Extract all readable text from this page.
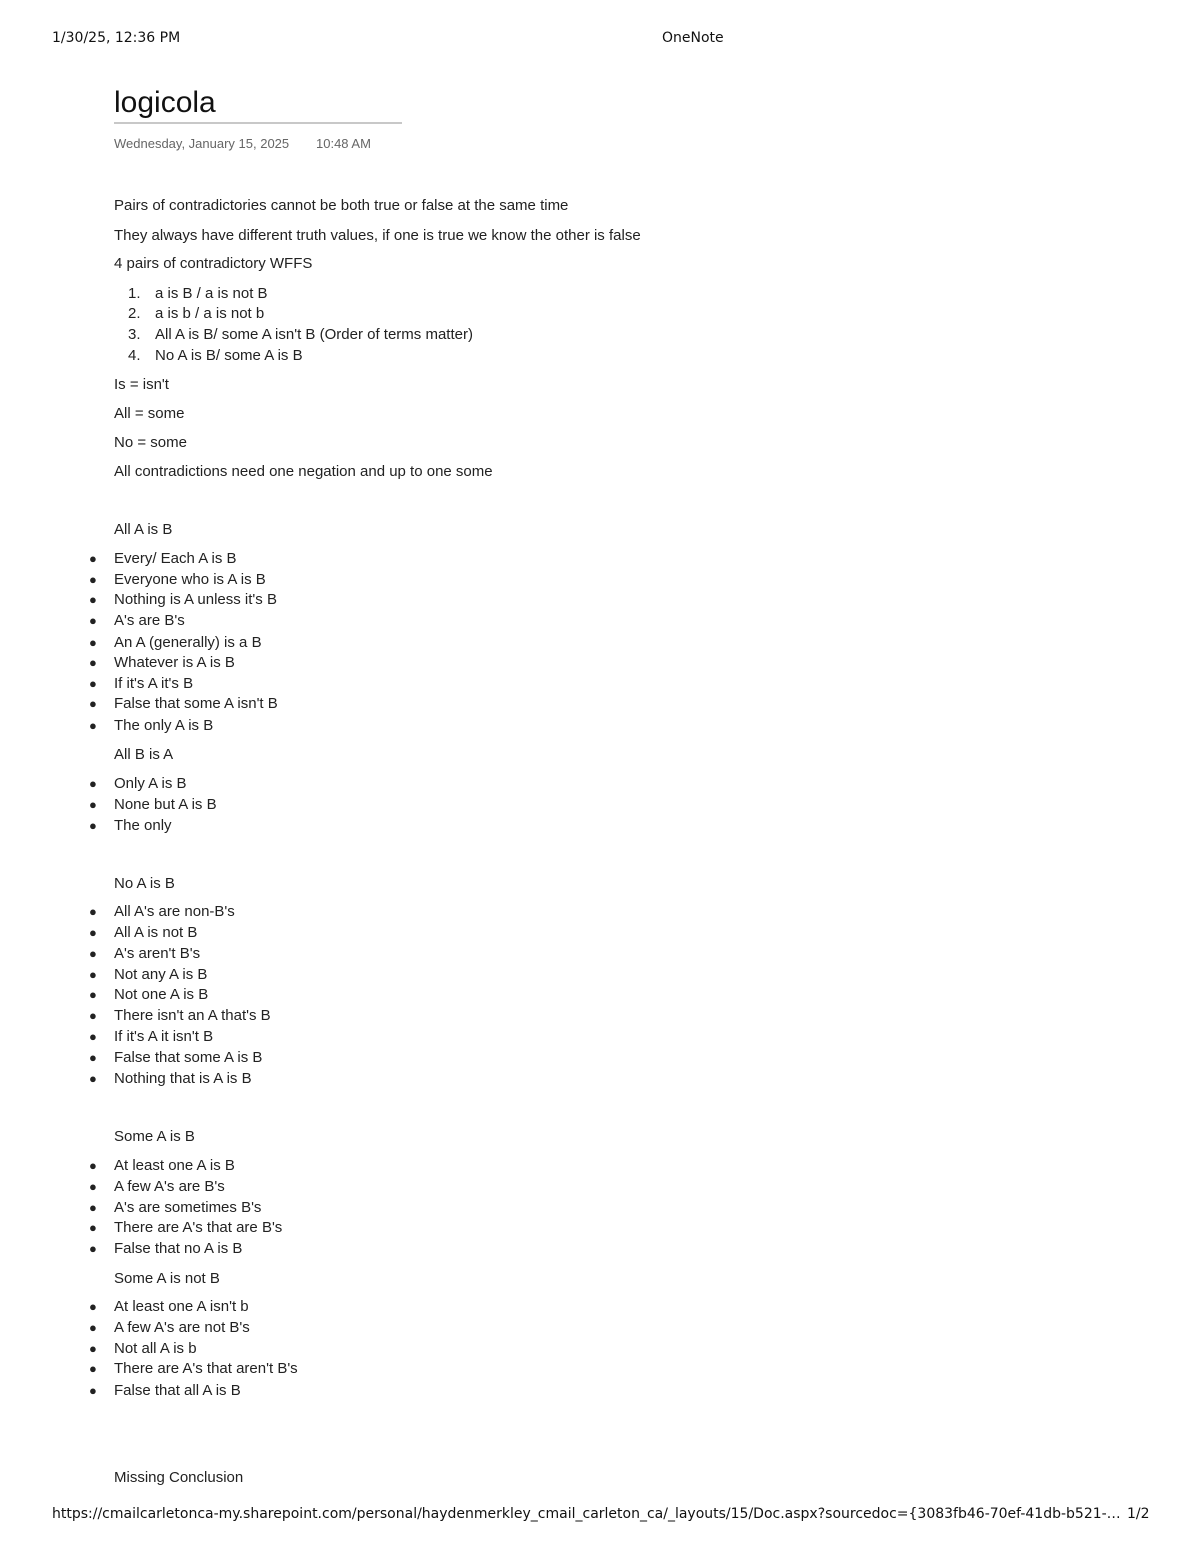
1/30/25, 12:36 PM	OneNote
logicola
Wednesday, January 15, 2025 10:48 AM
Pairs of contradictories cannot be both true or false at the same time
They always have different truth values, if one is true we know the other is false
4 pairs of contradictory WFFS
1. a is B / a is not B
2. a is b / a is not b
3. All A is B/ some A isn't B (Order of terms matter)
4. No A is B/ some A is B
Is = isn't
All = some
No = some
All contradictions need one negation and up to one some
All A is B
● Every/ Each A is B
● Everyone who is A is B
● Nothing is A unless it's B
● A's are B's
● An A (generally) is a B
● Whatever is A is B
● If it's A it's B
● False that some A isn't B
● The only A is B
All B is A
● Only A is B
● None but A is B
● The only
No A is B
● All A's are non-B's
● All A is not B
● A's aren't B's
● Not any A is B
● Not one A is B
● There isn't an A that's B
● If it's A it isn't B
● False that some A is B
● Nothing that is A is B
Some A is B
● At least one A is B
● A few A's are B's
● A's are sometimes B's
● There are A's that are B's
● False that no A is B
Some A is not B
● At least one A isn't b
● A few A's are not B's
● Not all A is b
● There are A's that aren't B's
● False that all A is B
Missing Conclusion
https://cmailcarletonca-my.sharepoint.com/personal/haydenmerkley_cmail_carleton_ca/_layouts/15/Doc.aspx?sourcedoc={3083fb46-70ef-41db-b521-… 1/2
